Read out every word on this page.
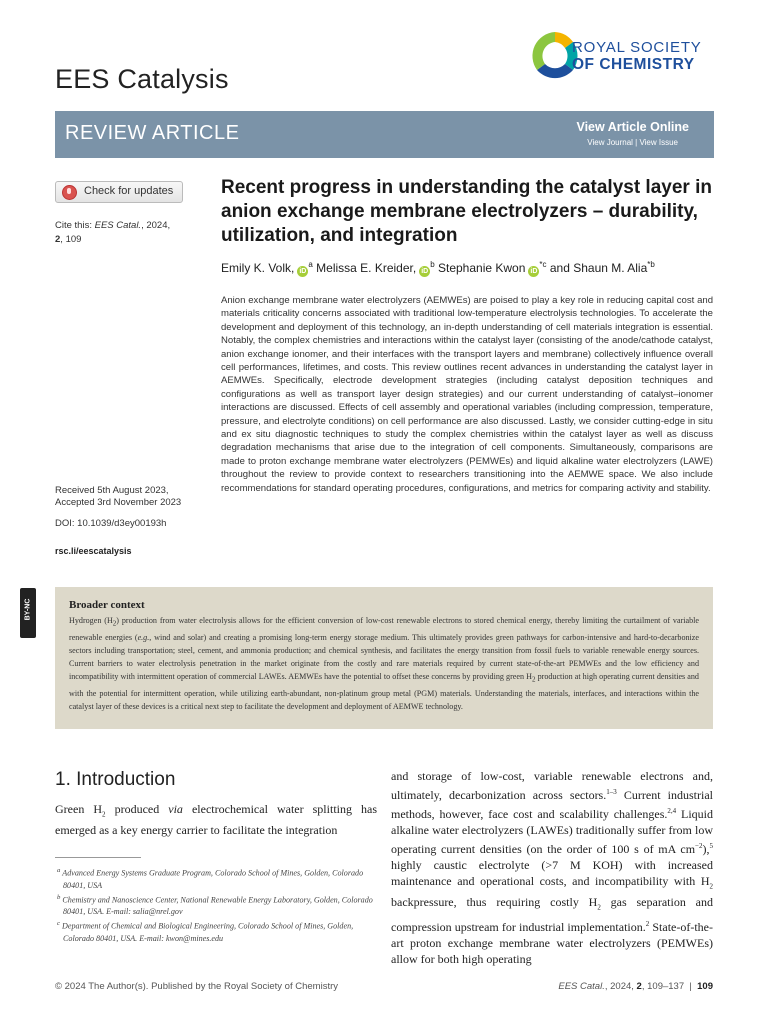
EES Catalysis
ROYAL SOCIETY
OF CHEMISTRY
REVIEW ARTICLE	View Article Online
View Journal | View Issue
Check for updates
Cite this: EES Catal., 2024,
2, 109
Received 5th August 2023,
Accepted 3rd November 2023
DOI: 10.1039/d3ey00193h
rsc.li/eescatalysis
BY-NC
Recent progress in understanding the catalyst layer in anion exchange membrane electrolyzers – durability, utilization, and integration
Emily K. Volk, $iD^a$ Melissa E. Kreider, $iD^b$ Stephanie Kwon $iD^{*c}$ and Shaun M. Alia$^{*b}$
Anion exchange membrane water electrolyzers (AEMWEs) are poised to play a key role in reducing capital cost and materials criticality concerns associated with traditional low-temperature electrolysis technologies. To accelerate the development and deployment of this technology, an in-depth understanding of cell materials integration is essential. Notably, the complex chemistries and interactions within the catalyst layer (consisting of the anode/cathode catalyst, anion exchange ionomer, and their interfaces with the transport layers and membrane) collectively influence overall cell performances, lifetimes, and costs. This review outlines recent advances in understanding the catalyst layer in AEMWEs. Specifically, electrode development strategies (including catalyst deposition techniques and configurations as well as transport layer design strategies) and our current understanding of catalyst–ionomer interactions are discussed. Effects of cell assembly and operational variables (including compression, temperature, pressure, and electrolyte conditions) on cell performance are also discussed. Lastly, we consider cutting-edge in situ and ex situ diagnostic techniques to study the complex chemistries within the catalyst layer as well as discuss degradation mechanisms that arise due to the integration of cell components. Simultaneously, comparisons are made to proton exchange membrane water electrolyzers (PEMWEs) and liquid alkaline water electrolyzers (LAWE) throughout the review to provide context to researchers transitioning into the AEMWE space. We also include recommendations for standard operating procedures, configurations, and metrics for comparing activity and stability.
Broader context
Hydrogen $(H_2)$ production from water electrolysis allows for the efficient conversion of low-cost renewable electrons to stored chemical energy, thereby limiting the curtailment of variable renewable energies (e.g., wind and solar) and creating a promising long-term energy storage medium. This ultimately provides green pathways for carbon-intensive and hard-to-decarbonize sectors including transportation; steel, cement, and ammonia production; and chemical synthesis, and facilitates the energy transition from fossil fuels to variable renewable energy sources. Current barriers to water electrolysis penetration in the market originate from the costly and rare materials required by current state-of-the-art PEMWEs and the low efficiency and incompatibility with intermittent operation of commercial LAWEs. AEMWEs have the potential to offset these concerns by providing green $H_2$ production at high operating current densities and with the potential for intermittent operation, while utilizing earth-abundant, non-platinum group metal (PGM) materials. Understanding the materials, interfaces, and interactions within the catalyst layer of these devices is a critical next step to facilitate the development and deployment of AEMWE technology.
1. Introduction
Green $H_2$ produced via electrochemical water splitting has emerged as a key energy carrier to facilitate the integration

$^a$ Advanced Energy Systems Graduate Program, Colorado School of Mines, Golden, Colorado 80401, USA

$^b$ Chemistry and Nanoscience Center, National Renewable Energy Laboratory, Golden, Colorado 80401, USA. E-mail: salia@nrel.gov

$^c$ Department of Chemical and Biological Engineering, Colorado School of Mines, Golden, Colorado 80401, USA. E-mail: kwon@mines.edu

and storage of low-cost, variable renewable electrons and, ultimately, decarbonization across sectors.$^{1-3}$ Current industrial methods, however, face cost and scalability challenges.$^{2,4}$ Liquid alkaline water electrolyzers (LAWEs) traditionally suffer from low operating current densities (on the order of 100 s of mA $cm^{-2}),^5$ highly caustic electrolyte (>7 M KOH) with increased maintenance and operational costs, and incompatibility with $H_2$ backpressure, thus requiring costly $H_2$ gas separation and compression upstream for industrial implementation.$^2$ State-of-the-art proton exchange membrane water electrolyzers (PEMWEs) allow for both high operating
© 2024 The Author(s). Published by the Royal Society of Chemistry	EES Catal., 2024, 2, 109–137 | 109
